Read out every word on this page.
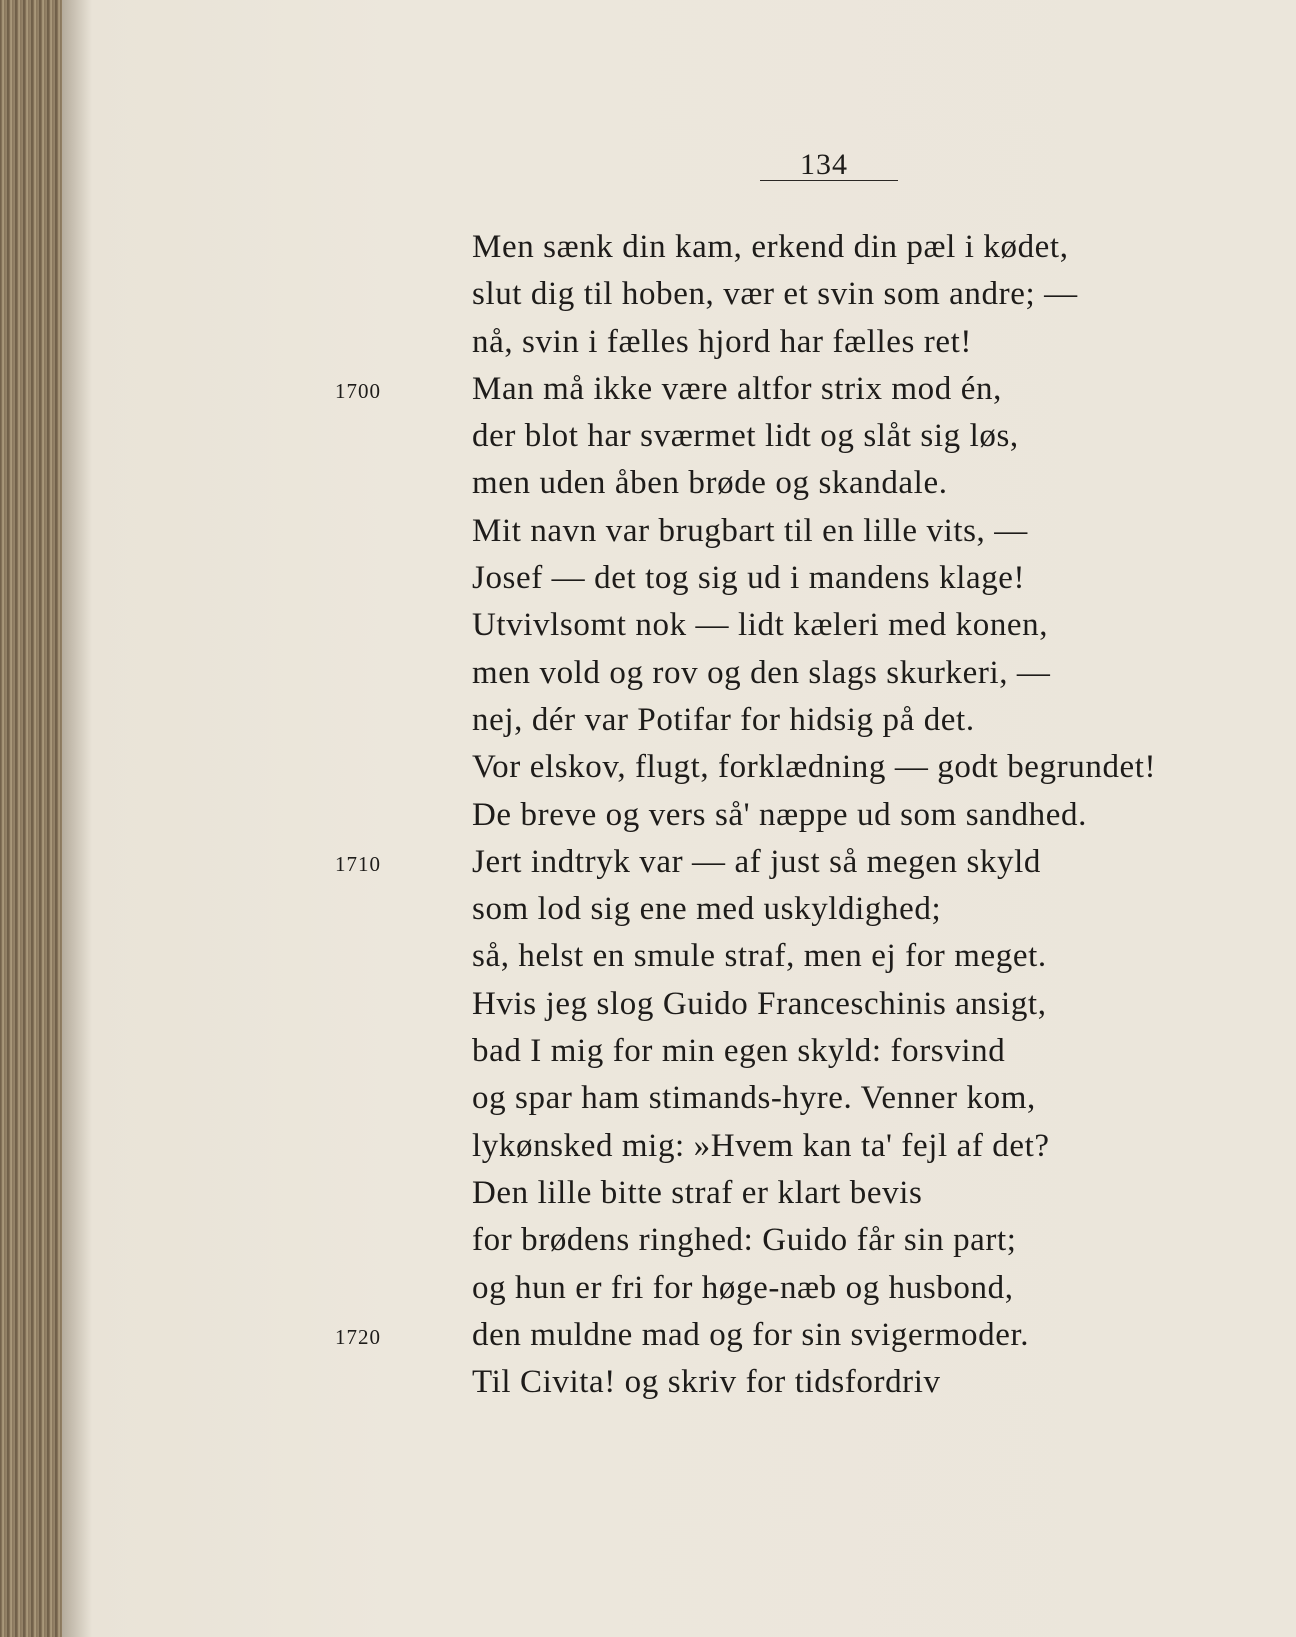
134
Men sænk din kam, erkend din pæl i kødet,
slut dig til hoben, vær et svin som andre; —
nå, svin i fælles hjord har fælles ret!
Man må ikke være altfor strix mod én,
1700
der blot har sværmet lidt og slåt sig løs,
men uden åben brøde og skandale.
Mit navn var brugbart til en lille vits, —
Josef — det tog sig ud i mandens klage!
Utvivlsomt nok — lidt kæleri med konen,
men vold og rov og den slags skurkeri, —
nej, dér var Potifar for hidsig på det.
Vor elskov, flugt, forklædning — godt begrundet!
De breve og vers så' næppe ud som sandhed.
Jert indtryk var — af just så megen skyld
1710
som lod sig ene med uskyldighed;
så, helst en smule straf, men ej for meget.
Hvis jeg slog Guido Franceschinis ansigt,
bad I mig for min egen skyld: forsvind
og spar ham stimands-hyre. Venner kom,
lykønsked mig: »Hvem kan ta' fejl af det?
Den lille bitte straf er klart bevis
for brødens ringhed: Guido får sin part;
og hun er fri for høge-næb og husbond,
den muldne mad og for sin svigermoder.
1720
Til Civita! og skriv for tidsfordriv
